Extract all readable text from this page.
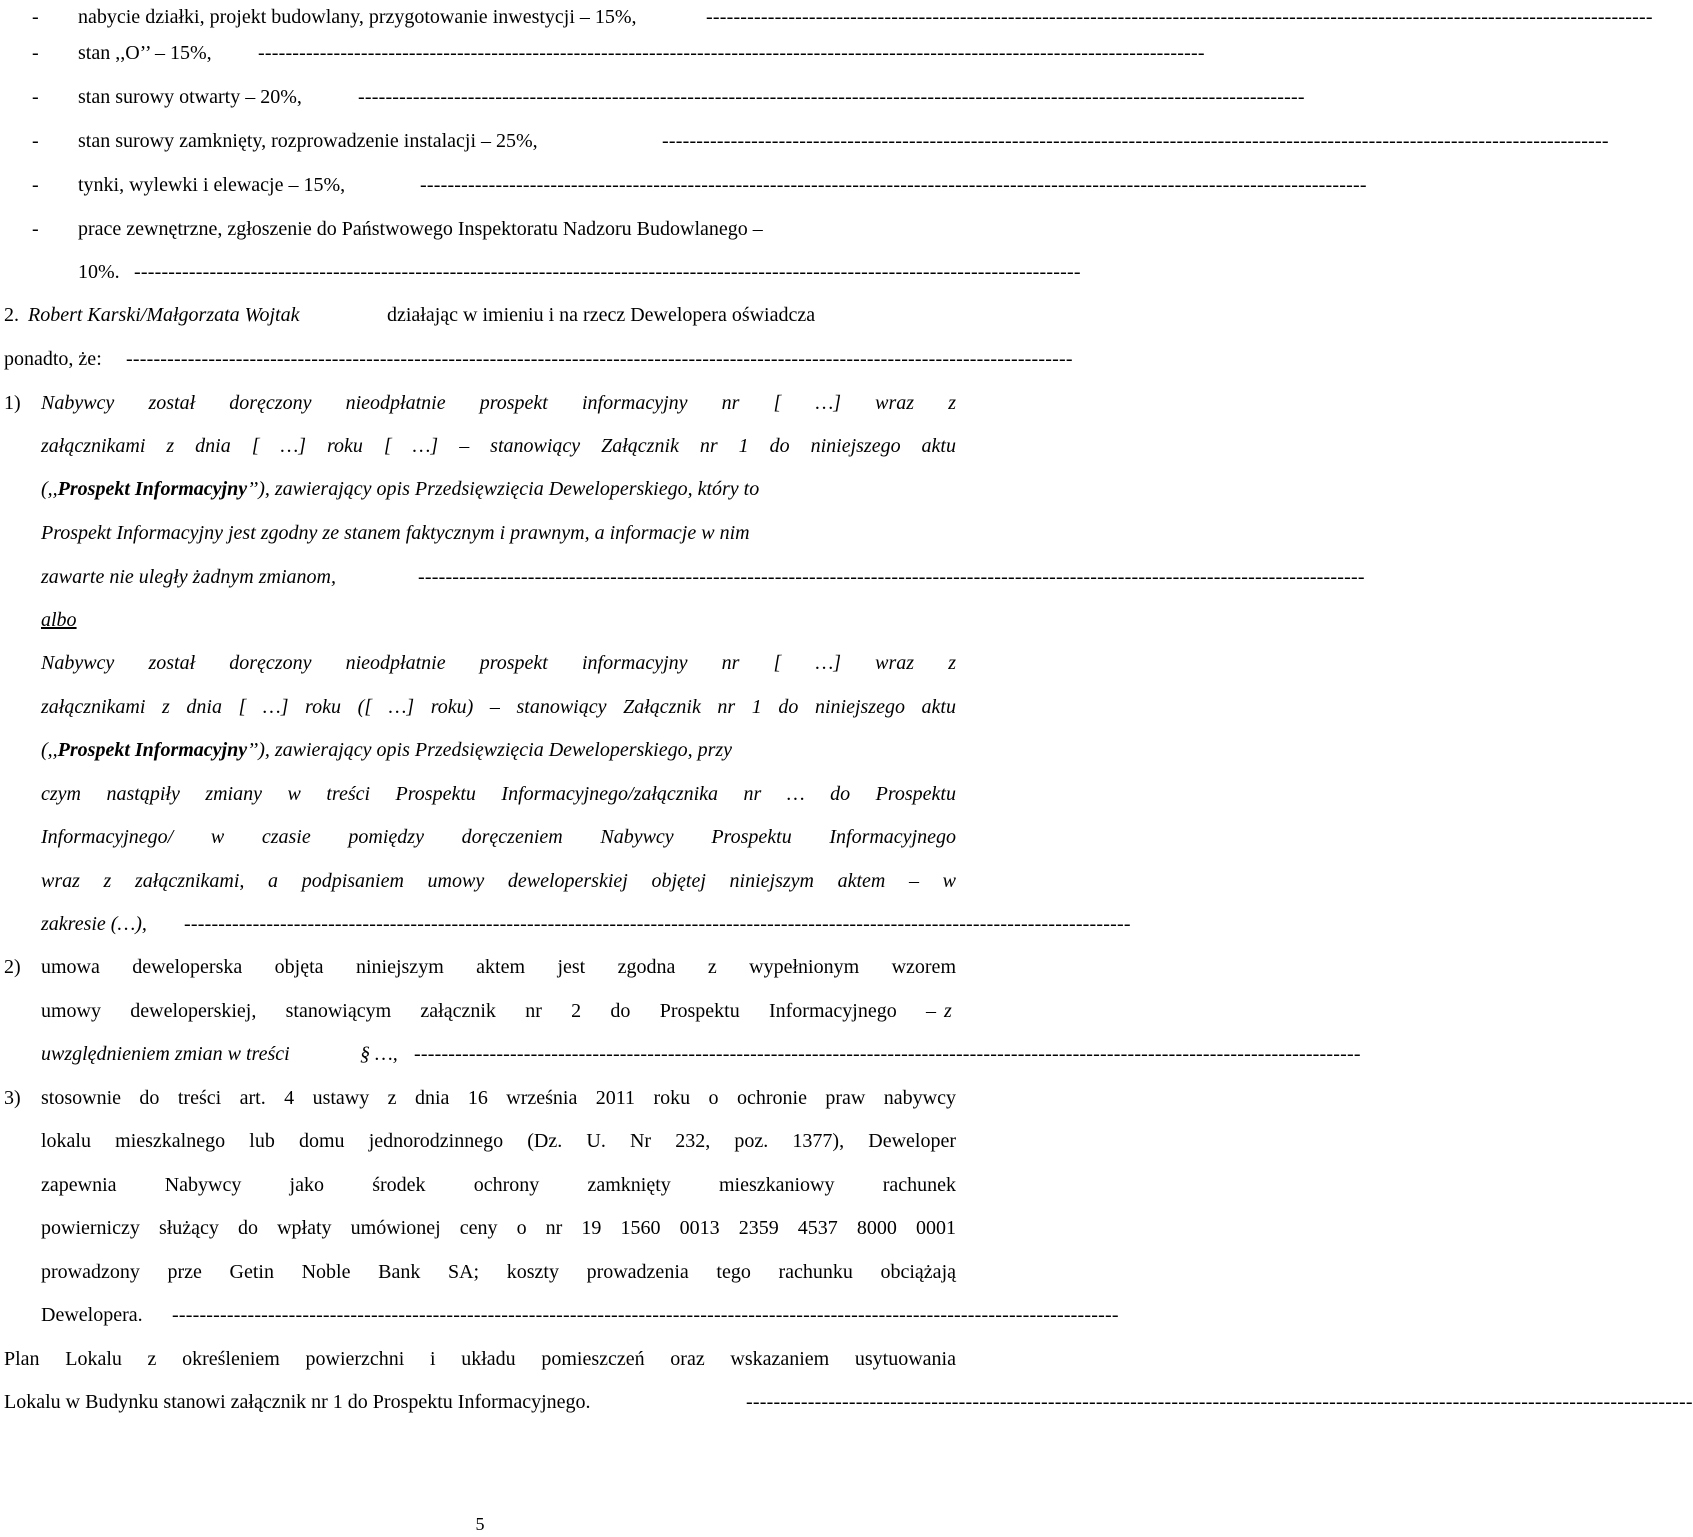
- nabycie działki, projekt budowlany, przygotowanie inwestycji – 15%,	------------------------------------------------------------------------------------------------------------------------------------------
- stan ,,O’’ – 15%, ------------------------------------------------------------------------------------------------------------------------------------------
- stan surowy otwarty – 20%,	------------------------------------------------------------------------------------------------------------------------------------------
- stan surowy zamknięty, rozprowadzenie instalacji – 25%,	------------------------------------------------------------------------------------------------------------------------------------------
- tynki, wylewki i elewacje – 15%,	------------------------------------------------------------------------------------------------------------------------------------------
- prace zewnętrzne, zgłoszenie do Państwowego Inspektoratu Nadzoru Budowlanego –
10%. ------------------------------------------------------------------------------------------------------------------------------------------
2. Robert Karski/Małgorzata Wojtak	działając w imieniu i na rzecz Dewelopera oświadcza
ponadto, że: ------------------------------------------------------------------------------------------------------------------------------------------
1) Nabywcy został doręczony nieodpłatnie prospekt informacyjny nr [ …] wraz z
załącznikami z dnia [ …] roku [ …] – stanowiący Załącznik nr 1 do niniejszego aktu
(,,Prospekt Informacyjny’’), zawierający opis Przedsięwzięcia Deweloperskiego, który to
Prospekt Informacyjny jest zgodny ze stanem faktycznym i prawnym, a informacje w nim
zawarte nie uległy żadnym zmianom,	------------------------------------------------------------------------------------------------------------------------------------------
albo
Nabywcy został doręczony nieodpłatnie prospekt informacyjny nr [ …] wraz z
załącznikami z dnia [ …] roku ([ …] roku) – stanowiący Załącznik nr 1 do niniejszego aktu
(,,Prospekt Informacyjny’’), zawierający opis Przedsięwzięcia Deweloperskiego, przy
czym nastąpiły zmiany w treści Prospektu Informacyjnego/załącznika nr … do Prospektu
Informacyjnego/ w czasie pomiędzy doręczeniem Nabywcy Prospektu Informacyjnego
wraz z załącznikami, a podpisaniem umowy deweloperskiej objętej niniejszym aktem – w
zakresie (…), ------------------------------------------------------------------------------------------------------------------------------------------
2) umowa deweloperska objęta niniejszym aktem jest zgodna z wypełnionym wzorem
umowy deweloperskiej, stanowiącym załącznik nr 2 do Prospektu Informacyjnego – z
uwzględnieniem zmian w treści	§ …, ------------------------------------------------------------------------------------------------------------------------------------------
3) stosownie do treści art. 4 ustawy z dnia 16 września 2011 roku o ochronie praw nabywcy
lokalu mieszkalnego lub domu jednorodzinnego (Dz. U. Nr 232, poz. 1377), Deweloper
zapewnia Nabywcy jako środek ochrony zamknięty mieszkaniowy rachunek
powierniczy służący do wpłaty umówionej ceny o nr 19 1560 0013 2359 4537 8000 0001
prowadzony prze Getin Noble Bank SA; koszty prowadzenia tego rachunku obciążają
Dewelopera. ------------------------------------------------------------------------------------------------------------------------------------------
Plan Lokalu z określeniem powierzchni i układu pomieszczeń oraz wskazaniem usytuowania
Lokalu w Budynku stanowi załącznik nr 1 do Prospektu Informacyjnego.	------------------------------------------------------------------------------------------------------------------------------------------
5
